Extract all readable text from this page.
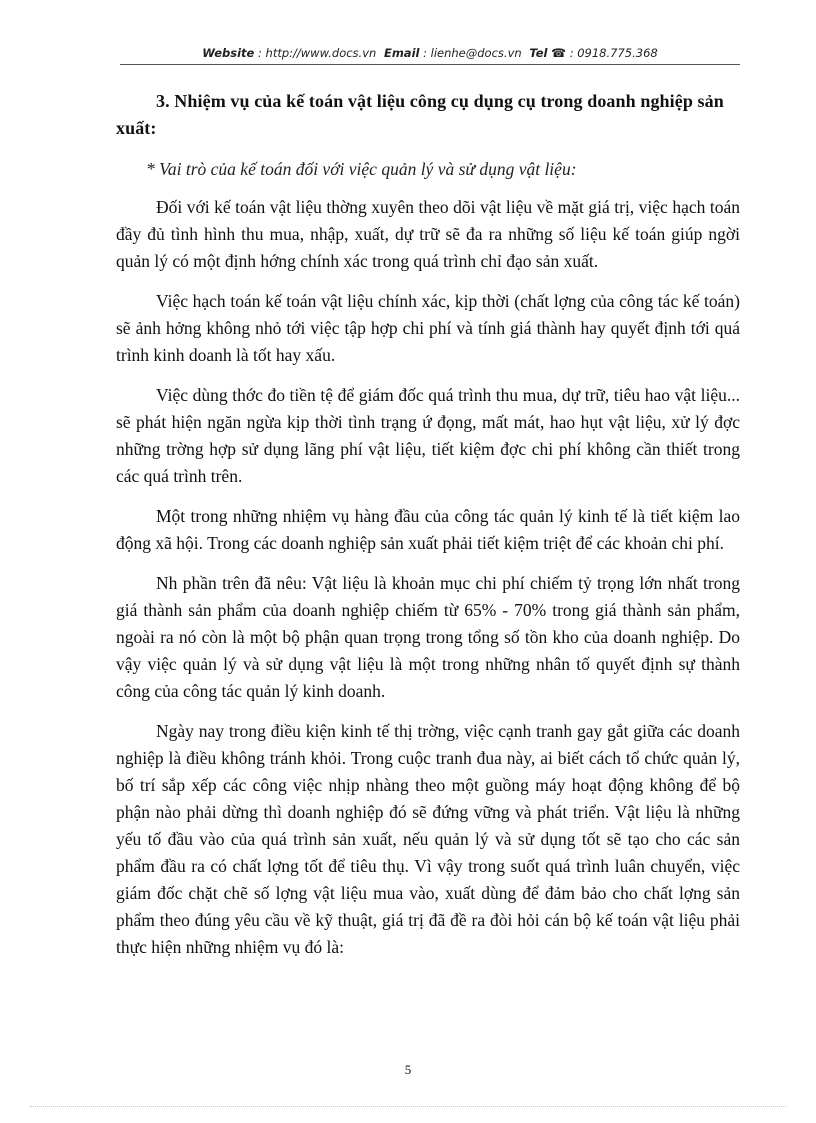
Website : http://www.docs.vn Email : lienhe@docs.vn Tel ☎ : 0918.775.368
3. Nhiệm vụ của kế toán vật liệu công cụ dụng cụ trong doanh nghiệp sản xuất:
* Vai trò của kế toán đối với việc quản lý và sử dụng vật liệu:

Đối với kế toán vật liệu thờng xuyên theo dõi vật liệu về mặt giá trị, việc hạch toán đầy đủ tình hình thu mua, nhập, xuất, dự trữ sẽ đa ra những số liệu kế toán giúp ngời quản lý có một định hớng chính xác trong quá trình chỉ đạo sản xuất.

Việc hạch toán kế toán vật liệu chính xác, kịp thời (chất lợng của công tác kế toán) sẽ ảnh hởng không nhỏ tới việc tập hợp chi phí và tính giá thành hay quyết định tới quá trình kinh doanh là tốt hay xấu.

Việc dùng thớc đo tiền tệ để giám đốc quá trình thu mua, dự trữ, tiêu hao vật liệu... sẽ phát hiện ngăn ngừa kịp thời tình trạng ứ đọng, mất mát, hao hụt vật liệu, xử lý đợc những trờng hợp sử dụng lãng phí vật liệu, tiết kiệm đợc chi phí không cần thiết trong các quá trình trên.

Một trong những nhiệm vụ hàng đầu của công tác quản lý kinh tế là tiết kiệm lao động xã hội. Trong các doanh nghiệp sản xuất phải tiết kiệm triệt để các khoản chi phí.

Nh phần trên đã nêu: Vật liệu là khoản mục chi phí chiếm tỷ trọng lớn nhất trong giá thành sản phẩm của doanh nghiệp chiếm từ 65% - 70% trong giá thành sản phẩm, ngoài ra nó còn là một bộ phận quan trọng trong tổng số tồn kho của doanh nghiệp. Do vậy việc quản lý và sử dụng vật liệu là một trong những nhân tố quyết định sự thành công của công tác quản lý kinh doanh.

Ngày nay trong điều kiện kinh tế thị trờng, việc cạnh tranh gay gắt giữa các doanh nghiệp là điều không tránh khỏi. Trong cuộc tranh đua này, ai biết cách tổ chức quản lý, bố trí sắp xếp các công việc nhịp nhàng theo một guồng máy hoạt động không để bộ phận nào phải dừng thì doanh nghiệp đó sẽ đứng vững và phát triển. Vật liệu là những yếu tố đầu vào của quá trình sản xuất, nếu quản lý và sử dụng tốt sẽ tạo cho các sản phẩm đầu ra có chất lợng tốt để tiêu thụ. Vì vậy trong suốt quá trình luân chuyển, việc giám đốc chặt chẽ số lợng vật liệu mua vào, xuất dùng để đảm bảo cho chất lợng sản phẩm theo đúng yêu cầu về kỹ thuật, giá trị đã đề ra đòi hỏi cán bộ kế toán vật liệu phải thực hiện những nhiệm vụ đó là:

5
